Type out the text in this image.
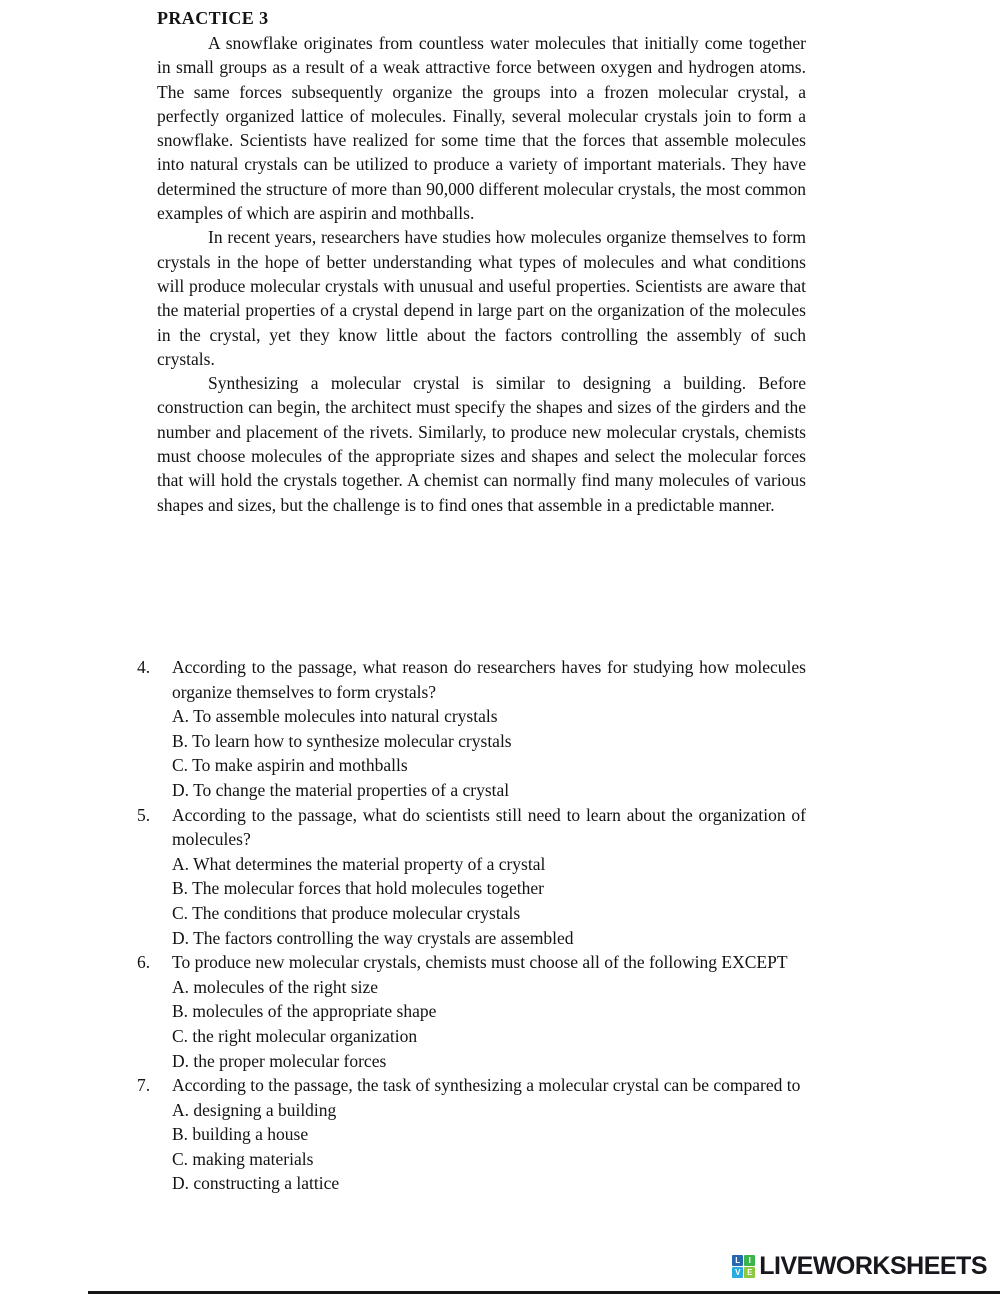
PRACTICE 3

A snowflake originates from countless water molecules that initially come together in small groups as a result of a weak attractive force between oxygen and hydrogen atoms. The same forces subsequently organize the groups into a frozen molecular crystal, a perfectly organized lattice of molecules. Finally, several molecular crystals join to form a snowflake. Scientists have realized for some time that the forces that assemble molecules into natural crystals can be utilized to produce a variety of important materials. They have determined the structure of more than 90,000 different molecular crystals, the most common examples of which are aspirin and mothballs.

In recent years, researchers have studies how molecules organize themselves to form crystals in the hope of better understanding what types of molecules and what conditions will produce molecular crystals with unusual and useful properties. Scientists are aware that the material properties of a crystal depend in large part on the organization of the molecules in the crystal, yet they know little about the factors controlling the assembly of such crystals.

Synthesizing a molecular crystal is similar to designing a building. Before construction can begin, the architect must specify the shapes and sizes of the girders and the number and placement of the rivets. Similarly, to produce new molecular crystals, chemists must choose molecules of the appropriate sizes and shapes and select the molecular forces that will hold the crystals together. A chemist can normally find many molecules of various shapes and sizes, but the challenge is to find ones that assemble in a predictable manner.

4.	According to the passage, what reason do researchers haves for studying how molecules organize themselves to form crystals?
A. To assemble molecules into natural crystals
B. To learn how to synthesize molecular crystals
C. To make aspirin and mothballs
D. To change the material properties of a crystal
5.	According to the passage, what do scientists still need to learn about the organization of molecules?
A. What determines the material property of a crystal
B. The molecular forces that hold molecules together
C. The conditions that produce molecular crystals
D. The factors controlling the way crystals are assembled
6.	To produce new molecular crystals, chemists must choose all of the following EXCEPT
A. molecules of the right size
B. molecules of the appropriate shape
C. the right molecular organization
D. the proper molecular forces
7.	According to the passage, the task of synthesizing a molecular crystal can be compared to
A. designing a building
B. building a house
C. making materials
D. constructing a lattice
L	I
V E LIVEWORKSHEETS
